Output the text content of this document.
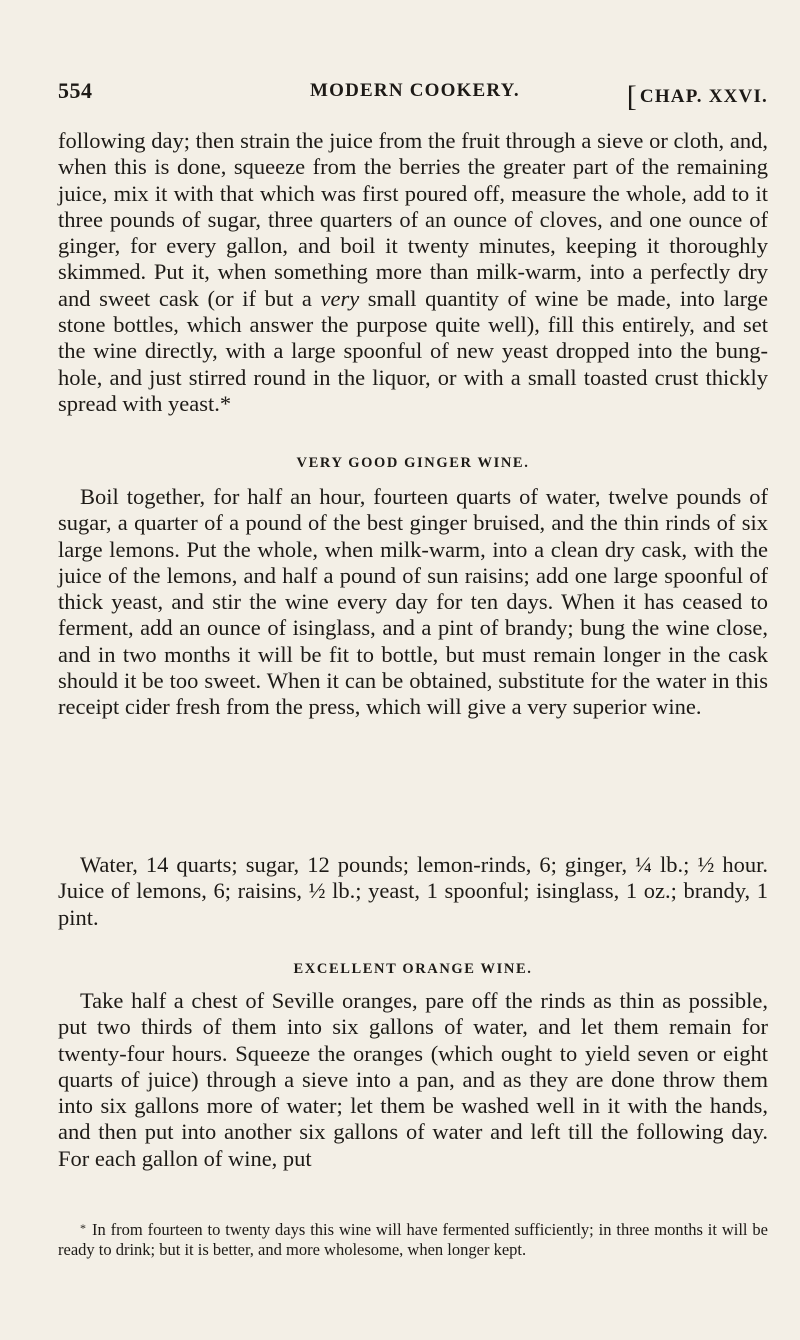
554	MODERN COOKERY.	[ CHAP. XXVI.

following day; then strain the juice from the fruit through a sieve or cloth, and, when this is done, squeeze from the berries the greater part of the remaining juice, mix it with that which was first poured off, measure the whole, add to it three pounds of sugar, three quarters of an ounce of cloves, and one ounce of ginger, for every gallon, and boil it twenty minutes, keeping it thoroughly skimmed. Put it, when something more than milk-warm, into a perfectly dry and sweet cask (or if but a very small quantity of wine be made, into large stone bottles, which answer the purpose quite well), fill this entirely, and set the wine directly, with a large spoonful of new yeast dropped into the bung-hole, and just stirred round in the liquor, or with a small toasted crust thickly spread with yeast.*

VERY GOOD GINGER WINE.

Boil together, for half an hour, fourteen quarts of water, twelve pounds of sugar, a quarter of a pound of the best ginger bruised, and the thin rinds of six large lemons. Put the whole, when milk-warm, into a clean dry cask, with the juice of the lemons, and half a pound of sun raisins; add one large spoonful of thick yeast, and stir the wine every day for ten days. When it has ceased to ferment, add an ounce of isinglass, and a pint of brandy; bung the wine close, and in two months it will be fit to bottle, but must remain longer in the cask should it be too sweet. When it can be obtained, substitute for the water in this receipt cider fresh from the press, which will give a very superior wine.

Water, 14 quarts; sugar, 12 pounds; lemon-rinds, 6; ginger, ¼ lb.; ½ hour. Juice of lemons, 6; raisins, ½ lb.; yeast, 1 spoonful; isinglass, 1 oz.; brandy, 1 pint.

EXCELLENT ORANGE WINE.

Take half a chest of Seville oranges, pare off the rinds as thin as possible, put two thirds of them into six gallons of water, and let them remain for twenty-four hours. Squeeze the oranges (which ought to yield seven or eight quarts of juice) through a sieve into a pan, and as they are done throw them into six gallons more of water; let them be washed well in it with the hands, and then put into another six gallons of water and left till the following day. For each gallon of wine, put

* In from fourteen to twenty days this wine will have fermented sufficiently; in three months it will be ready to drink; but it is better, and more wholesome, when longer kept.
